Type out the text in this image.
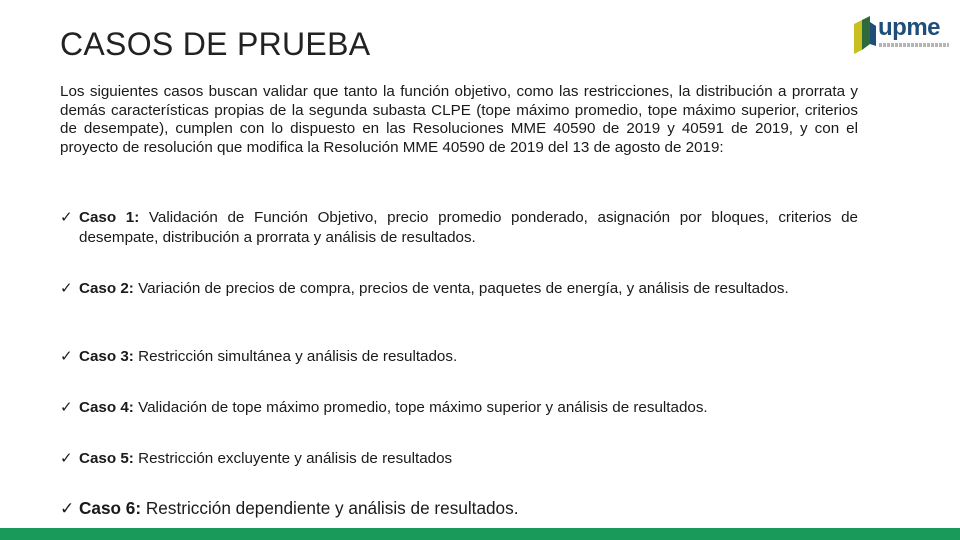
CASOS DE PRUEBA	upme

Los siguientes casos buscan validar que tanto la función objetivo, como las restricciones, la distribución a prorrata y demás características propias de la segunda subasta CLPE (tope máximo promedio, tope máximo superior, criterios de desempate), cumplen con lo dispuesto en las Resoluciones MME 40590 de 2019 y 40591 de 2019, y con el proyecto de resolución que modifica la Resolución MME 40590 de 2019 del 13 de agosto de 2019:

✓ Caso 1: Validación de Función Objetivo, precio promedio ponderado, asignación por bloques, criterios de desempate, distribución a prorrata y análisis de resultados.
✓ Caso 2: Variación de precios de compra, precios de venta, paquetes de energía, y análisis de resultados.
✓ Caso 3: Restricción simultánea y análisis de resultados.
✓ Caso 4: Validación de tope máximo promedio, tope máximo superior y análisis de resultados.
✓ Caso 5: Restricción excluyente y análisis de resultados
✓ Caso 6: Restricción dependiente y análisis de resultados.
